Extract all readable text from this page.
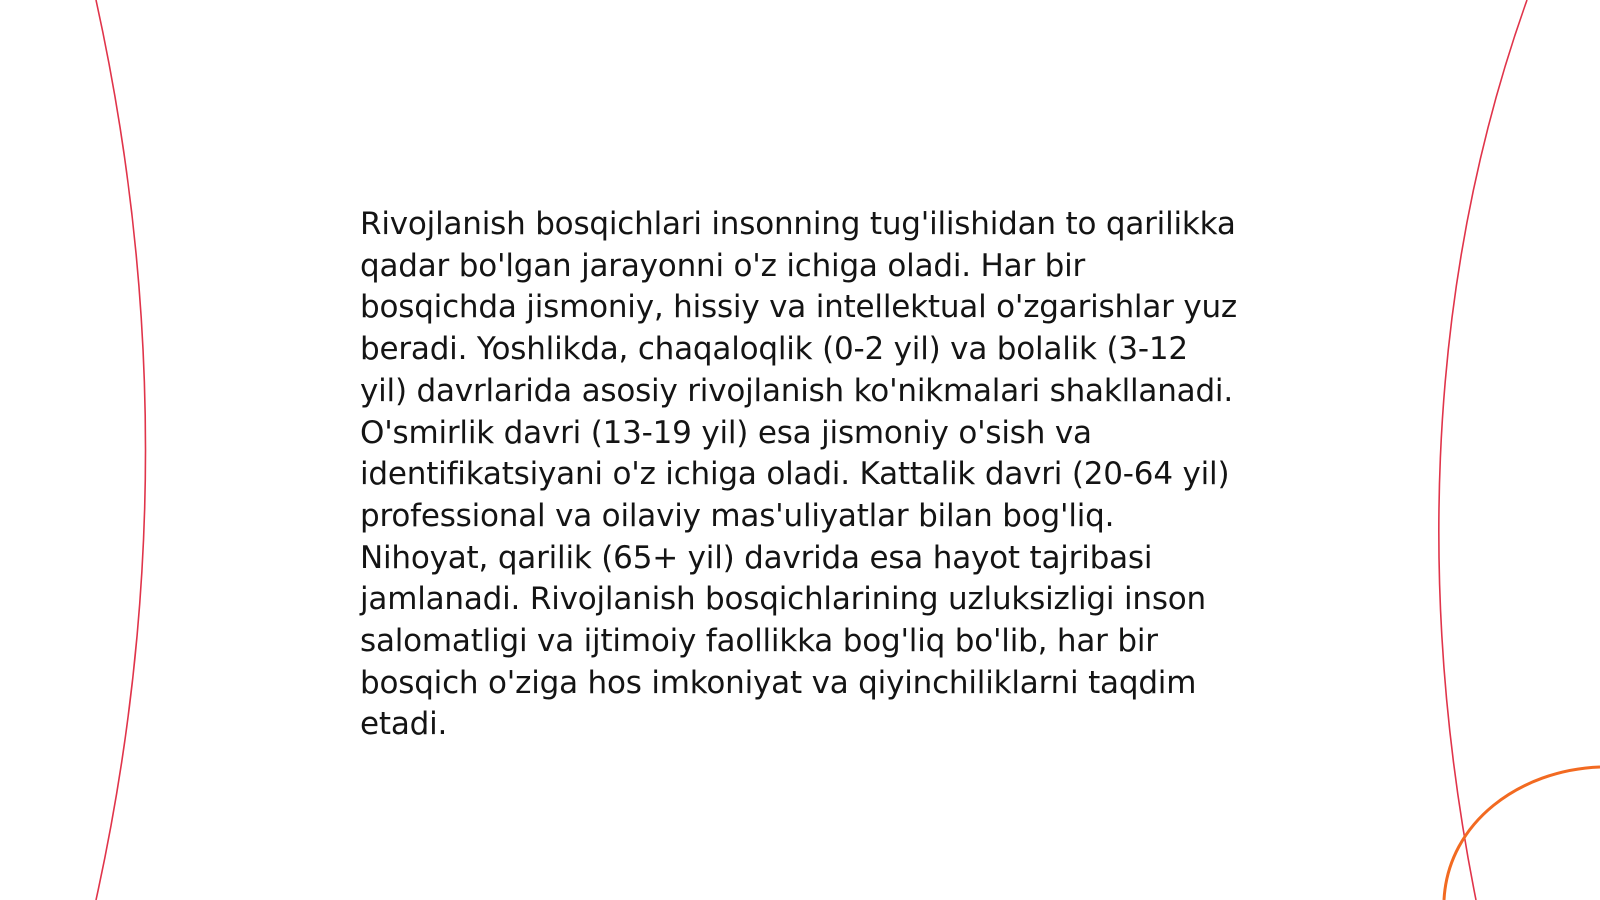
Rivojlanish bosqichlari insonning tug'ilishidan to qarilikka qadar bo'lgan jarayonni o'z ichiga oladi. Har bir bosqichda jismoniy, hissiy va intellektual o'zgarishlar yuz beradi. Yoshlikda, chaqaloqlik (0-2 yil) va bolalik (3-12 yil) davrlarida asosiy rivojlanish ko'nikmalari shakllanadi. O'smirlik davri (13-19 yil) esa jismoniy o'sish va identifikatsiyani o'z ichiga oladi. Kattalik davri (20-64 yil) professional va oilaviy mas'uliyatlar bilan bog'liq. Nihoyat, qarilik (65+ yil) davrida esa hayot tajribasi jamlanadi. Rivojlanish bosqichlarining uzluksizligi inson salomatligi va ijtimoiy faollikka bog'liq bo'lib, har bir bosqich o'ziga hos imkoniyat va qiyinchiliklarni taqdim etadi.
